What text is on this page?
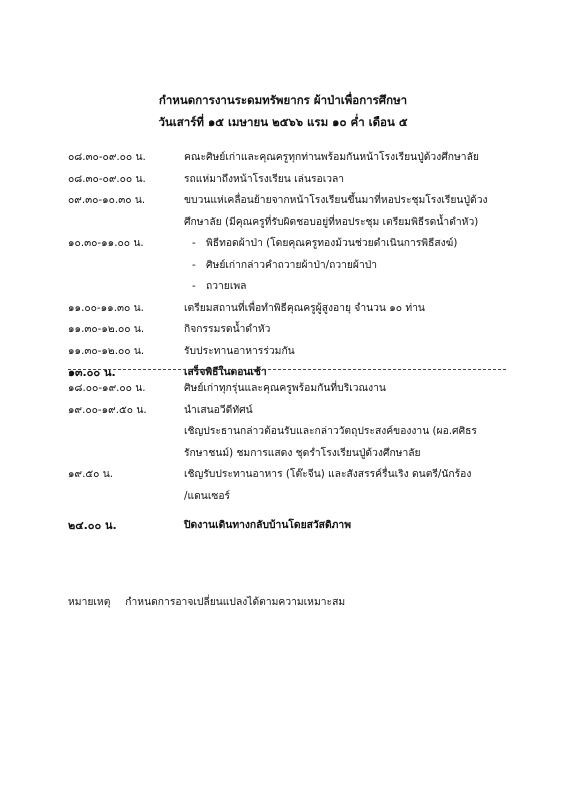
กำหนดการงานระดมทรัพยากร ผ้าป่าเพื่อการศึกษา
วันเสาร์ที่ ๑๕ เมษายน ๒๕๖๖ แรม ๑๐ ค่ำ เดือน ๕
๐๘.๓๐-๐๙.๐๐ น.	คณะศิษย์เก่าและคุณครูทุกท่านพร้อมกันหน้าโรงเรียนปู่ด้วงศึกษาลัย
๐๘.๓๐-๐๙.๐๐ น.	รถแห่มาถึงหน้าโรงเรียน เล่นรอเวลา
๐๙.๓๐-๑๐.๓๐ น.	ขบวนแห่เคลื่อนย้ายจากหน้าโรงเรียนขึ้นมาที่หอประชุมโรงเรียนปู่ด้วง
ศึกษาลัย (มีคุณครูที่รับผิดชอบอยู่ที่หอประชุม เตรียมพิธีรดน้ำดำหัว)
๑๐.๓๐-๑๑.๐๐ น.
-	พิธีทอดผ้าป่า (โดยคุณครูทองม้วนช่วยดำเนินการพิธีสงฆ์)
- ศิษย์เก่ากล่าวคำถวายผ้าป่า/ถวายผ้าป่า
- ถวายเพล
๑๑.๐๐-๑๑.๓๐ น.	เตรียมสถานที่เพื่อทำพิธีคุณครูผู้สูงอายุ จำนวน ๑๐ ท่าน
๑๑.๓๐-๑๒.๐๐ น.	กิจกรรมรดน้ำดำหัว
๑๑.๓๐-๑๒.๐๐ น.	รับประทานอาหารร่วมกัน
๑๓.๐๐ น.	เสร็จพิธีในตอนเช้า
๑๘.๐๐-๑๙.๐๐ น.	ศิษย์เก่าทุกรุ่นและคุณครูพร้อมกันที่บริเวณงาน
๑๙.๐๐-๑๙.๕๐ น.	นำเสนอวีดีทัศน์
เชิญประธานกล่าวต้อนรับและกล่าววัตถุประสงค์ของงาน (ผอ.ศศิธร
รักษาชนม์) ชมการแสดง ชุดรำโรงเรียนปู่ด้วงศึกษาลัย
๑๙.๕๐ น.	เชิญรับประทานอาหาร (โต๊ะจีน) และสังสรรค์รื่นเริง ดนตรี/นักร้อง
/แดนเซอร์
๒๔.๐๐ น.	ปิดงานเดินทางกลับบ้านโดยสวัสดิภาพ
หมายเหตุ กำหนดการอาจเปลี่ยนแปลงได้ตามความเหมาะสม
